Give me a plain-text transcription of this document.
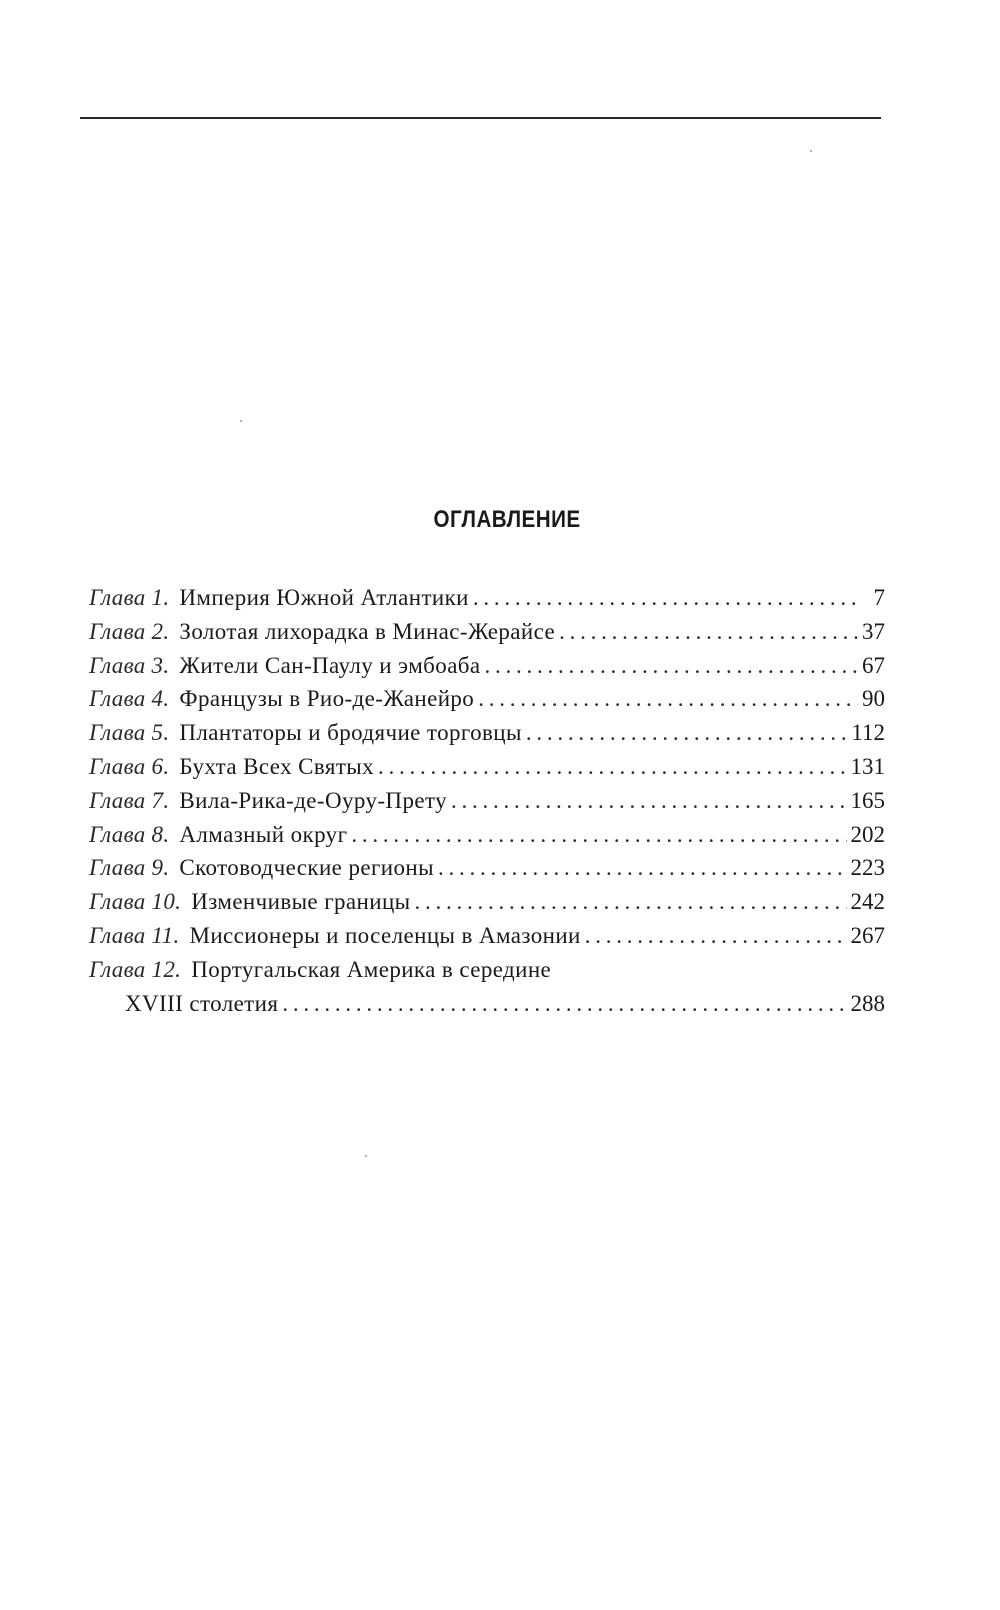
ОГЛАВЛЕНИЕ
Глава 1. Империя Южной Атлантики . . .	7
Глава 2. Золотая лихорадка в Минас-Жерайсе . . .	37
Глава 3. Жители Сан-Паулу и эмбоаба . . .	67
Глава 4. Французы в Рио-де-Жанейро . . .	90
Глава 5. Плантаторы и бродячие торговцы . . .	112
Глава 6. Бухта Всех Святых . . .	131
Глава 7. Вила-Рика-де-Оуру-Прету . . .	165
Глава 8. Алмазный округ . . .	202
Глава 9. Скотоводческие регионы . . .	223
Глава 10. Изменчивые границы . . .	242
Глава 11. Миссионеры и поселенцы в Амазонии . . .	267
Глава 12. Португальская Америка в середине
XVIII столетия . . .	288
